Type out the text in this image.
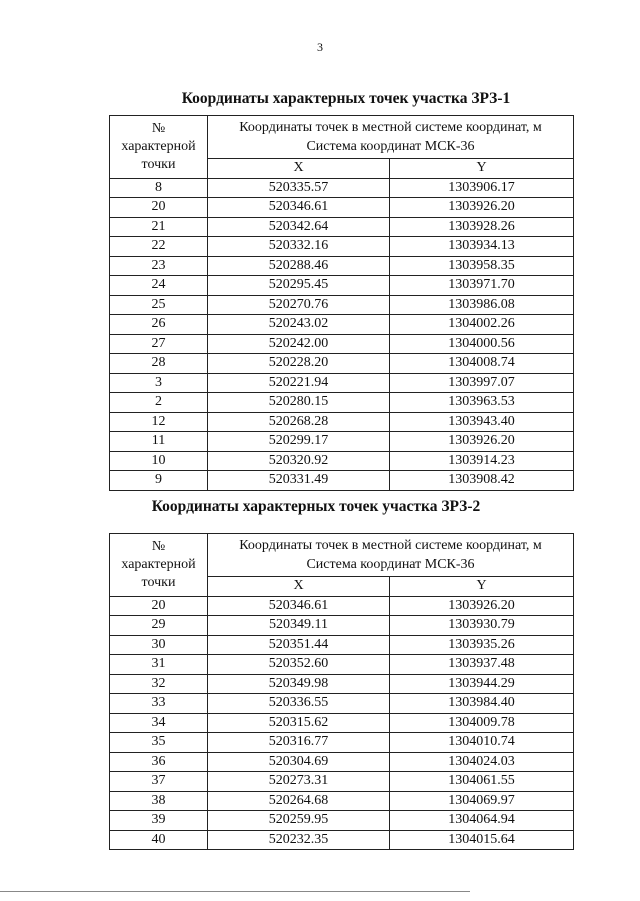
3
Координаты характерных точек участка ЗРЗ-1
№
характерной
точки	Координаты точек в местной системе координат, м
Система координат МСК-36	
	X	Y
8	520335.57	1303906.17
20	520346.61	1303926.20
21	520342.64	1303928.26
22	520332.16	1303934.13
23	520288.46	1303958.35
24	520295.45	1303971.70
25	520270.76	1303986.08
26	520243.02	1304002.26
27	520242.00	1304000.56
28	520228.20	1304008.74
3	520221.94	1303997.07
2	520280.15	1303963.53
12	520268.28	1303943.40
11	520299.17	1303926.20
10	520320.92	1303914.23
9	520331.49	1303908.42
Координаты характерных точек участка ЗРЗ-2
№
характерной
точки	Координаты точек в местной системе координат, м
Система координат МСК-36	
	X	Y
20	520346.61	1303926.20
29	520349.11	1303930.79
30	520351.44	1303935.26
31	520352.60	1303937.48
32	520349.98	1303944.29
33	520336.55	1303984.40
34	520315.62	1304009.78
35	520316.77	1304010.74
36	520304.69	1304024.03
37	520273.31	1304061.55
38	520264.68	1304069.97
39	520259.95	1304064.94
40	520232.35	1304015.64
